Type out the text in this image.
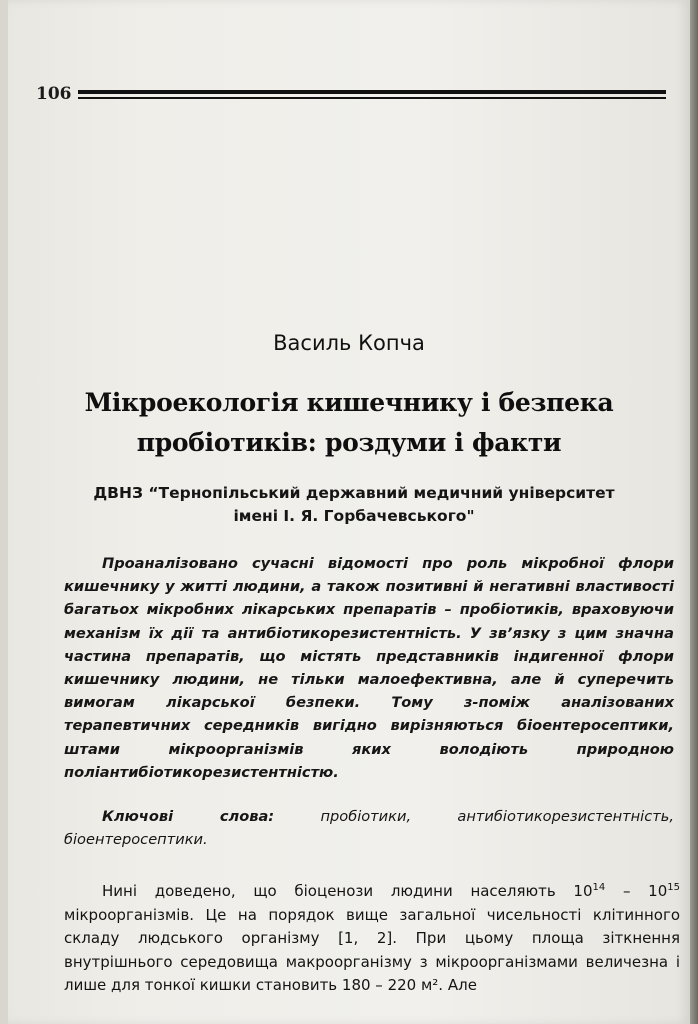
106
Василь Копча
Мікроекологія кишечнику і безпека пробіотиків: роздуми і факти
ДВНЗ “Тернопільський державний медичний університет
імені І. Я. Горбачевського"
Проаналізовано сучасні відомості про роль мікробної флори кишечнику у житті людини, а також позитивні й негативні властивості багатьох мікробних лікарських препаратів – пробіотиків, враховуючи механізм їх дії та антибіотикорезистентність. У зв’язку з цим значна частина препаратів, що містять представників індигенної флори кишечнику людини, не тільки малоефективна, але й суперечить вимогам лікарської безпеки. Тому з-поміж аналізованих терапевтичних середників вигідно вирізняються біоентеросептики, штами мікроорганізмів яких володіють природною поліантибіотикорезистентністю.
Ключові слова: пробіотики, антибіотикорезистентність, біоентеросептики.
Нині доведено, що біоценози людини населяють $10^{14} - 10^{15}$ мікроорганізмів. Це на порядок вище загальної чисельності клітинного складу людського організму [1, 2]. При цьому площа зіткнення внутрішнього середовища макроорганізму з мікроорганізмами величезна і лише для тонкої кишки становить 180 – 220 м². Але
